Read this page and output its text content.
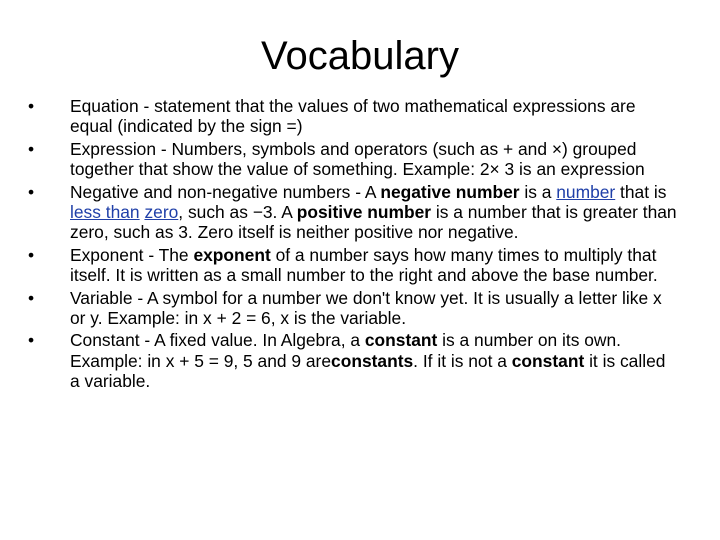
Vocabulary
• Equation - statement that the values of two mathematical expressions are equal (indicated by the sign =)
• Expression - Numbers, symbols and operators (such as + and ×) grouped together that show the value of something. Example: 2× 3 is an expression
• Negative and non-negative numbers - A negative number is a number that is less than zero, such as −3. A positive number is a number that is greater than zero, such as 3. Zero itself is neither positive nor negative.
• Exponent - The exponent of a number says how many times to multiply that itself. It is written as a small number to the right and above the base number.
• Variable - A symbol for a number we don't know yet. It is usually a letter like x or y. Example: in x + 2 = 6, x is the variable.
• Constant - A fixed value. In Algebra, a constant is a number on its own. Example: in x + 5 = 9, 5 and 9 areconstants. If it is not a constant it is called a variable.
